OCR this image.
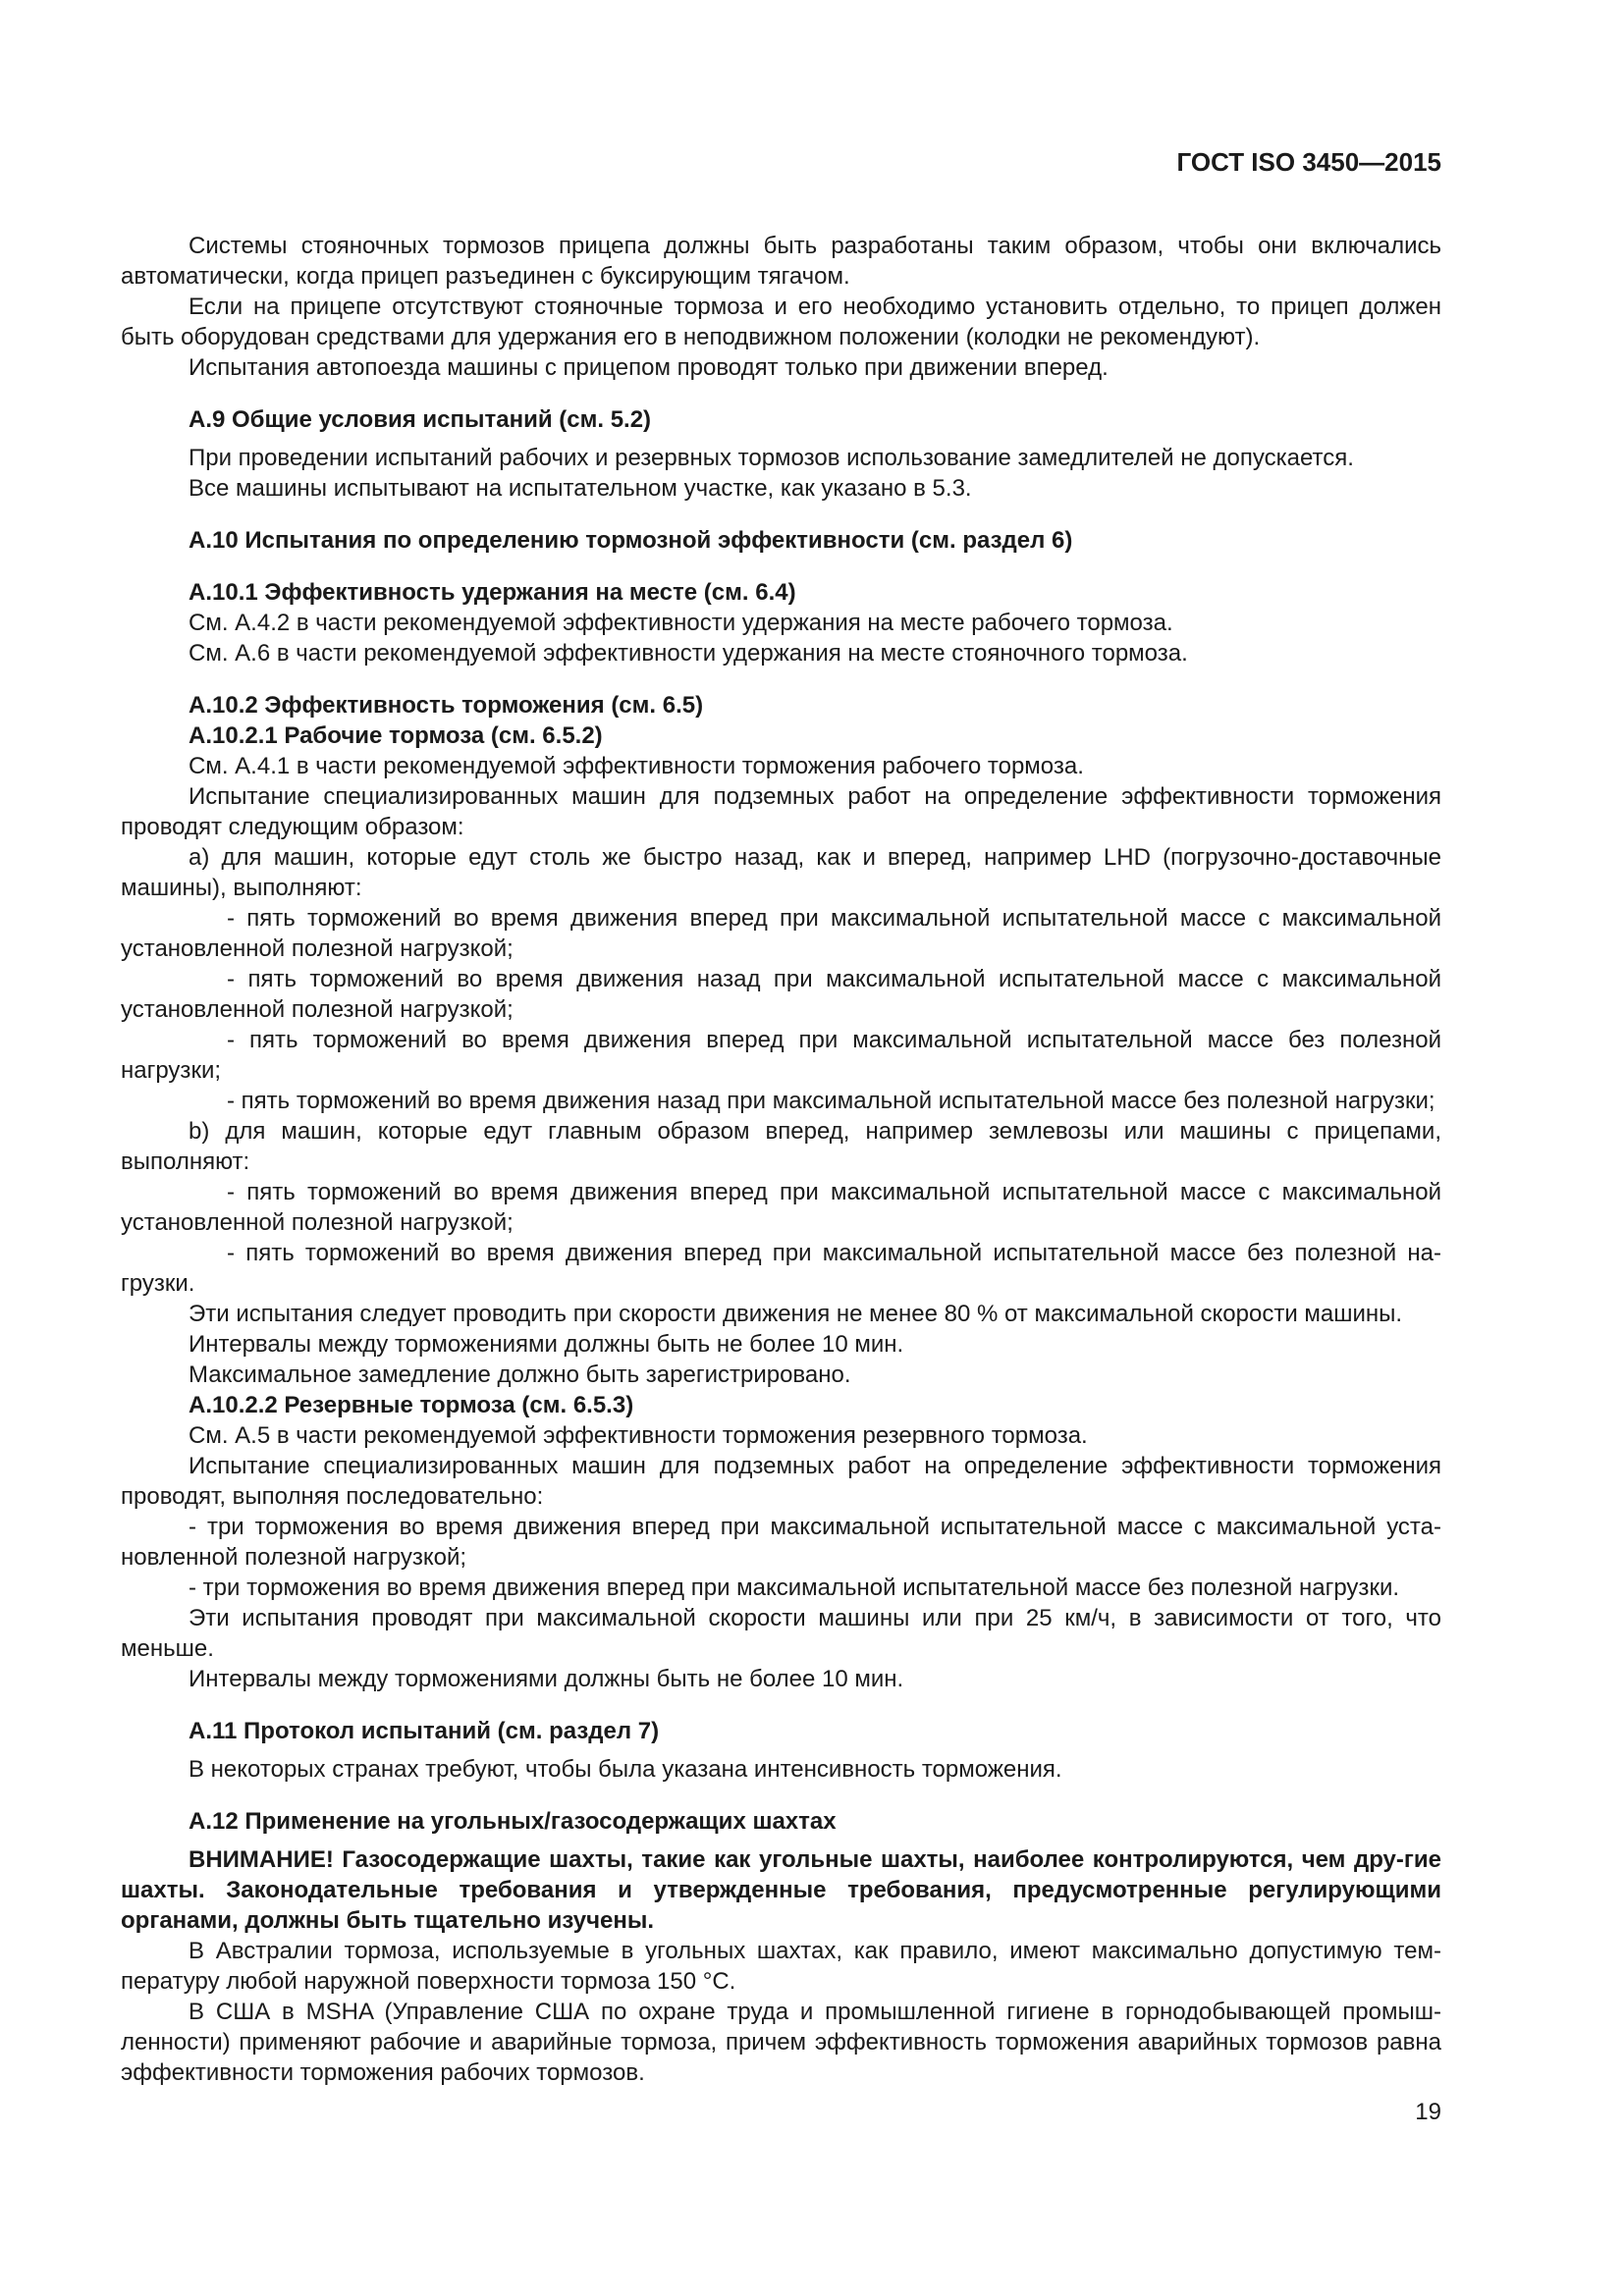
ГОСТ ISO 3450—2015

Системы стояночных тормозов прицепа должны быть разработаны таким образом, чтобы они включались автоматически, когда прицеп разъединен с буксирующим тягачом.

Если на прицепе отсутствуют стояночные тормоза и его необходимо установить отдельно, то прицеп должен быть оборудован средствами для удержания его в неподвижном положении (колодки не рекомендуют).

Испытания автопоезда машины с прицепом проводят только при движении вперед.

А.9 Общие условия испытаний (см. 5.2)

При проведении испытаний рабочих и резервных тормозов использование замедлителей не допускается.

Все машины испытывают на испытательном участке, как указано в 5.3.

А.10 Испытания по определению тормозной эффективности (см. раздел 6)

А.10.1 Эффективность удержания на месте (см. 6.4)

См. А.4.2 в части рекомендуемой эффективности удержания на месте рабочего тормоза.

См. А.6 в части рекомендуемой эффективности удержания на месте стояночного тормоза.

А.10.2 Эффективность торможения (см. 6.5)

А.10.2.1 Рабочие тормоза (см. 6.5.2)

См. А.4.1 в части рекомендуемой эффективности торможения рабочего тормоза.

Испытание специализированных машин для подземных работ на определение эффективности торможения проводят следующим образом:

a) для машин, которые едут столь же быстро назад, как и вперед, например LHD (погрузочно-доставочные машины), выполняют:

- пять торможений во время движения вперед при максимальной испытательной массе с максимальной установленной полезной нагрузкой;

- пять торможений во время движения назад при максимальной испытательной массе с максимальной установленной полезной нагрузкой;

- пять торможений во время движения вперед при максимальной испытательной массе без полезной нагрузки;

- пять торможений во время движения назад при максимальной испытательной массе без полезной нагрузки;

b) для машин, которые едут главным образом вперед, например землевозы или машины с прицепами, выполняют:

- пять торможений во время движения вперед при максимальной испытательной массе с максимальной установленной полезной нагрузкой;

- пять торможений во время движения вперед при максимальной испытательной массе без полезной на-грузки.

Эти испытания следует проводить при скорости движения не менее 80 % от максимальной скорости машины.

Интервалы между торможениями должны быть не более 10 мин.

Максимальное замедление должно быть зарегистрировано.

А.10.2.2 Резервные тормоза (см. 6.5.3)

См. А.5 в части рекомендуемой эффективности торможения резервного тормоза.

Испытание специализированных машин для подземных работ на определение эффективности торможения проводят, выполняя последовательно:

- три торможения во время движения вперед при максимальной испытательной массе с максимальной уста-новленной полезной нагрузкой;

- три торможения во время движения вперед при максимальной испытательной массе без полезной нагрузки.

Эти испытания проводят при максимальной скорости машины или при 25 км/ч, в зависимости от того, что меньше.

Интервалы между торможениями должны быть не более 10 мин.

А.11 Протокол испытаний (см. раздел 7)

В некоторых странах требуют, чтобы была указана интенсивность торможения.

А.12 Применение на угольных/газосодержащих шахтах

ВНИМАНИЕ! Газосодержащие шахты, такие как угольные шахты, наиболее контролируются, чем дру-гие шахты. Законодательные требования и утвержденные требования, предусмотренные регулирующими органами, должны быть тщательно изучены.

В Австралии тормоза, используемые в угольных шахтах, как правило, имеют максимально допустимую тем-пературу любой наружной поверхности тормоза 150 °С.

В США в MSHA (Управление США по охране труда и промышленной гигиене в горнодобывающей промыш-ленности) применяют рабочие и аварийные тормоза, причем эффективность торможения аварийных тормозов равна эффективности торможения рабочих тормозов.

19
